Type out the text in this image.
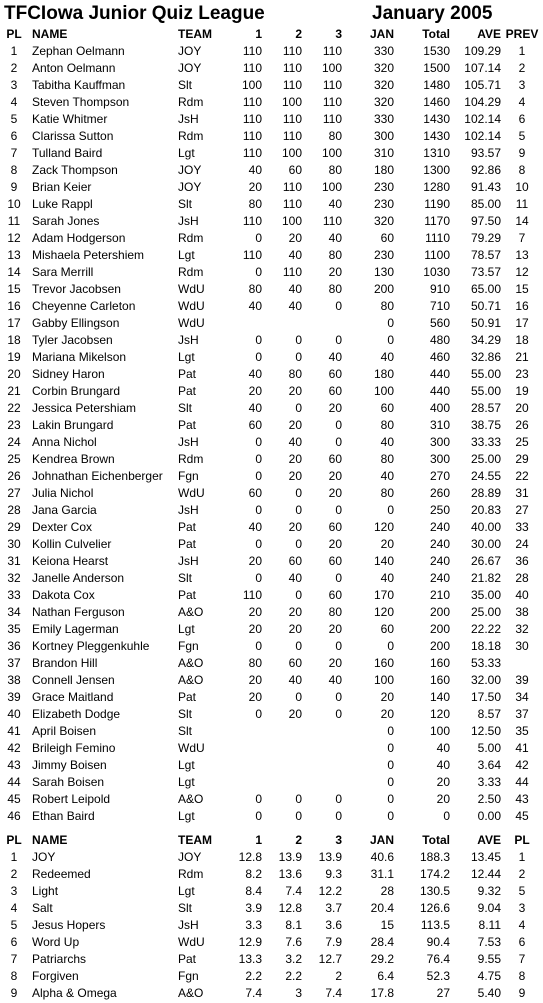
TFCIowa Junior Quiz League	January 2005
PL	NAME	TEAM	1	2	3	JAN	Total	AVE	PREV
1	Zephan Oelmann	JOY	110	110	110	330	1530	109.29	1
2	Anton Oelmann	JOY	110	110	100	320	1500	107.14	2
3	Tabitha Kauffman	Slt	100	110	110	320	1480	105.71	3
4	Steven Thompson	Rdm	110	100	110	320	1460	104.29	4
5	Katie Whitmer	JsH	110	110	110	330	1430	102.14	6
6	Clarissa Sutton	Rdm	110	110	80	300	1430	102.14	5
7	Tulland Baird	Lgt	110	100	100	310	1310	93.57	9
8	Zack Thompson	JOY	40	60	80	180	1300	92.86	8
9	Brian Keier	JOY	20	110	100	230	1280	91.43	10
10	Luke Rappl	Slt	80	110	40	230	1190	85.00	11
11	Sarah Jones	JsH	110	100	110	320	1170	97.50	14
12	Adam Hodgerson	Rdm	0	20	40	60	1110	79.29	7
13	Mishaela Petershiem	Lgt	110	40	80	230	1100	78.57	13
14	Sara Merrill	Rdm	0	110	20	130	1030	73.57	12
15	Trevor Jacobsen	WdU	80	40	80	200	910	65.00	15
16	Cheyenne Carleton	WdU	40	40	0	80	710	50.71	16
17	Gabby Ellingson	WdU				0	560	50.91	17
18	Tyler Jacobsen	JsH	0	0	0	0	480	34.29	18
19	Mariana Mikelson	Lgt	0	0	40	40	460	32.86	21
20	Sidney Haron	Pat	40	80	60	180	440	55.00	23
21	Corbin Brungard	Pat	20	20	60	100	440	55.00	19
22	Jessica Petershiam	Slt	40	0	20	60	400	28.57	20
23	Lakin Brungard	Pat	60	20	0	80	310	38.75	26
24	Anna Nichol	JsH	0	40	0	40	300	33.33	25
25	Kendrea Brown	Rdm	0	20	60	80	300	25.00	29
26	Johnathan Eichenberger	Fgn	0	20	20	40	270	24.55	22
27	Julia Nichol	WdU	60	0	20	80	260	28.89	31
28	Jana Garcia	JsH	0	0	0	0	250	20.83	27
29	Dexter Cox	Pat	40	20	60	120	240	40.00	33
30	Kollin Culvelier	Pat	0	0	20	20	240	30.00	24
31	Keiona Hearst	JsH	20	60	60	140	240	26.67	36
32	Janelle Anderson	Slt	0	40	0	40	240	21.82	28
33	Dakota Cox	Pat	110	0	60	170	210	35.00	40
34	Nathan Ferguson	A&O	20	20	80	120	200	25.00	38
35	Emily Lagerman	Lgt	20	20	20	60	200	22.22	32
36	Kortney Pleggenkuhle	Fgn	0	0	0	0	200	18.18	30
37	Brandon Hill	A&O	80	60	20	160	160	53.33	
38	Connell Jensen	A&O	20	40	40	100	160	32.00	39
39	Grace Maitland	Pat	20	0	0	20	140	17.50	34
40	Elizabeth Dodge	Slt	0	20	0	20	120	8.57	37
41	April Boisen	Slt				0	100	12.50	35
42	Brileigh Femino	WdU				0	40	5.00	41
43	Jimmy Boisen	Lgt				0	40	3.64	42
44	Sarah Boisen	Lgt				0	20	3.33	44
45	Robert Leipold	A&O	0	0	0	0	20	2.50	43
46	Ethan Baird	Lgt	0	0	0	0	0	0.00	45
PL	NAME	TEAM	1	2	3	JAN	Total	AVE	PL
1	JOY	JOY	12.8	13.9	13.9	40.6	188.3	13.45	1
2	Redeemed	Rdm	8.2	13.6	9.3	31.1	174.2	12.44	2
3	Light	Lgt	8.4	7.4	12.2	28	130.5	9.32	5
4	Salt	Slt	3.9	12.8	3.7	20.4	126.6	9.04	3
5	Jesus Hopers	JsH	3.3	8.1	3.6	15	113.5	8.11	4
6	Word Up	WdU	12.9	7.6	7.9	28.4	90.4	7.53	6
7	Patriarchs	Pat	13.3	3.2	12.7	29.2	76.4	9.55	7
8	Forgiven	Fgn	2.2	2.2	2	6.4	52.3	4.75	8
9	Alpha & Omega	A&O	7.4	3	7.4	17.8	27	5.40	9
